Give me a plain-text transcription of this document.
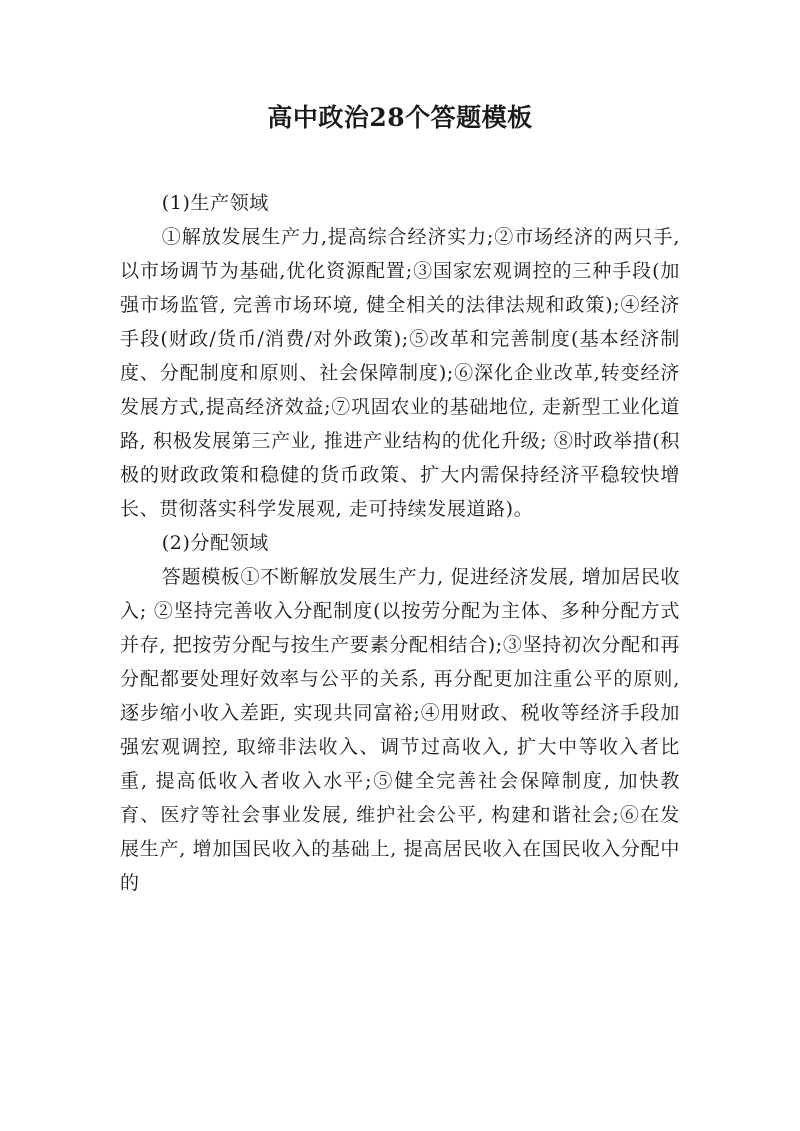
高中政治28个答题模板

(1)生产领域

①解放发展生产力,提高综合经济实力;②市场经济的两只手,以市场调节为基础,优化资源配置;③国家宏观调控的三种手段(加强市场监管, 完善市场环境, 健全相关的法律法规和政策);④经济手段(财政/货币/消费/对外政策);⑤改革和完善制度(基本经济制度、分配制度和原则、社会保障制度);⑥深化企业改革,转变经济发展方式,提高经济效益;⑦巩固农业的基础地位, 走新型工业化道路, 积极发展第三产业, 推进产业结构的优化升级; ⑧时政举措(积极的财政政策和稳健的货币政策、扩大内需保持经济平稳较快增长、贯彻落实科学发展观, 走可持续发展道路)。

(2)分配领域

答题模板①不断解放发展生产力, 促进经济发展, 增加居民收入; ②坚持完善收入分配制度(以按劳分配为主体、多种分配方式并存, 把按劳分配与按生产要素分配相结合);③坚持初次分配和再分配都要处理好效率与公平的关系, 再分配更加注重公平的原则, 逐步缩小收入差距, 实现共同富裕;④用财政、税收等经济手段加强宏观调控, 取缔非法收入、调节过高收入, 扩大中等收入者比重, 提高低收入者收入水平;⑤健全完善社会保障制度, 加快教育、医疗等社会事业发展, 维护社会公平, 构建和谐社会;⑥在发展生产, 增加国民收入的基础上, 提高居民收入在国民收入分配中的
